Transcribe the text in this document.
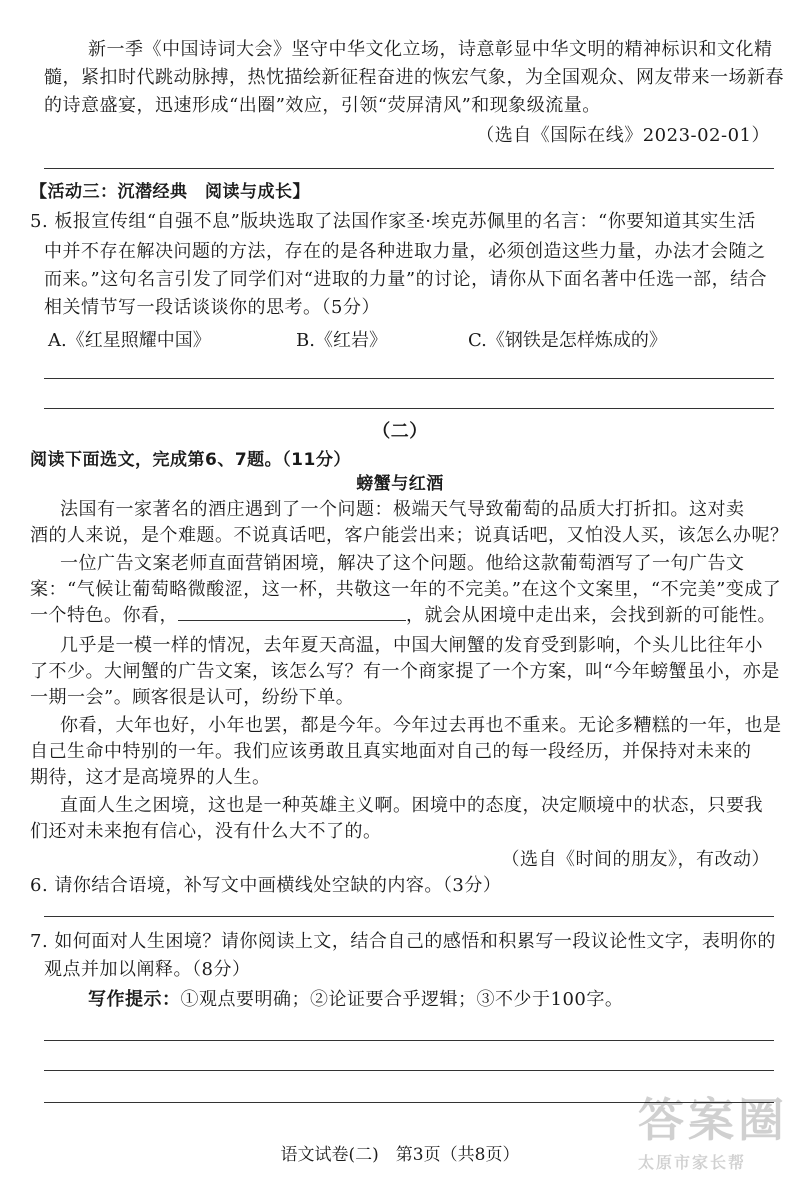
新一季《中国诗词大会》坚守中华文化立场，诗意彰显中华文明的精神标识和文化精
髓，紧扣时代跳动脉搏，热忱描绘新征程奋进的恢宏气象，为全国观众、网友带来一场新春
的诗意盛宴，迅速形成“出圈”效应，引领“荧屏清风”和现象级流量。
（选自《国际在线》2023-02-01）
【活动三：沉潜经典　阅读与成长】
5. 板报宣传组“自强不息”版块选取了法国作家圣·埃克苏佩里的名言：“你要知道其实生活
中并不存在解决问题的方法，存在的是各种进取力量，必须创造这些力量，办法才会随之
而来。”这句名言引发了同学们对“进取的力量”的讨论，请你从下面名著中任选一部，结合
相关情节写一段话谈谈你的思考。（5分）
A.《红星照耀中国》	B.《红岩》	C.《钢铁是怎样炼成的》
（二）
阅读下面选文，完成第6、7题。（11分）
螃蟹与红酒
法国有一家著名的酒庄遇到了一个问题：极端天气导致葡萄的品质大打折扣。这对卖
酒的人来说，是个难题。不说真话吧，客户能尝出来；说真话吧，又怕没人买，该怎么办呢？
一位广告文案老师直面营销困境，解决了这个问题。他给这款葡萄酒写了一句广告文
案：“气候让葡萄略微酸涩，这一杯，共敬这一年的不完美。”在这个文案里，“不完美”变成了
一个特色。你看，	，就会从困境中走出来，会找到新的可能性。
几乎是一模一样的情况，去年夏天高温，中国大闸蟹的发育受到影响，个头儿比往年小
了不少。大闸蟹的广告文案，该怎么写？有一个商家提了一个方案，叫“今年螃蟹虽小，亦是
一期一会”。顾客很是认可，纷纷下单。
你看，大年也好，小年也罢，都是今年。今年过去再也不重来。无论多糟糕的一年，也是
自己生命中特别的一年。我们应该勇敢且真实地面对自己的每一段经历，并保持对未来的
期待，这才是高境界的人生。
直面人生之困境，这也是一种英雄主义啊。困境中的态度，决定顺境中的状态，只要我
们还对未来抱有信心，没有什么大不了的。
（选自《时间的朋友》，有改动）
6. 请你结合语境，补写文中画横线处空缺的内容。（3分）
7. 如何面对人生困境？请你阅读上文，结合自己的感悟和积累写一段议论性文字，表明你的
观点并加以阐释。（8分）
写作提示：①观点要明确；②论证要合乎逻辑；③不少于100字。
语文试卷(二)　第3页（共8页）
答案圈
太原市家长帮
